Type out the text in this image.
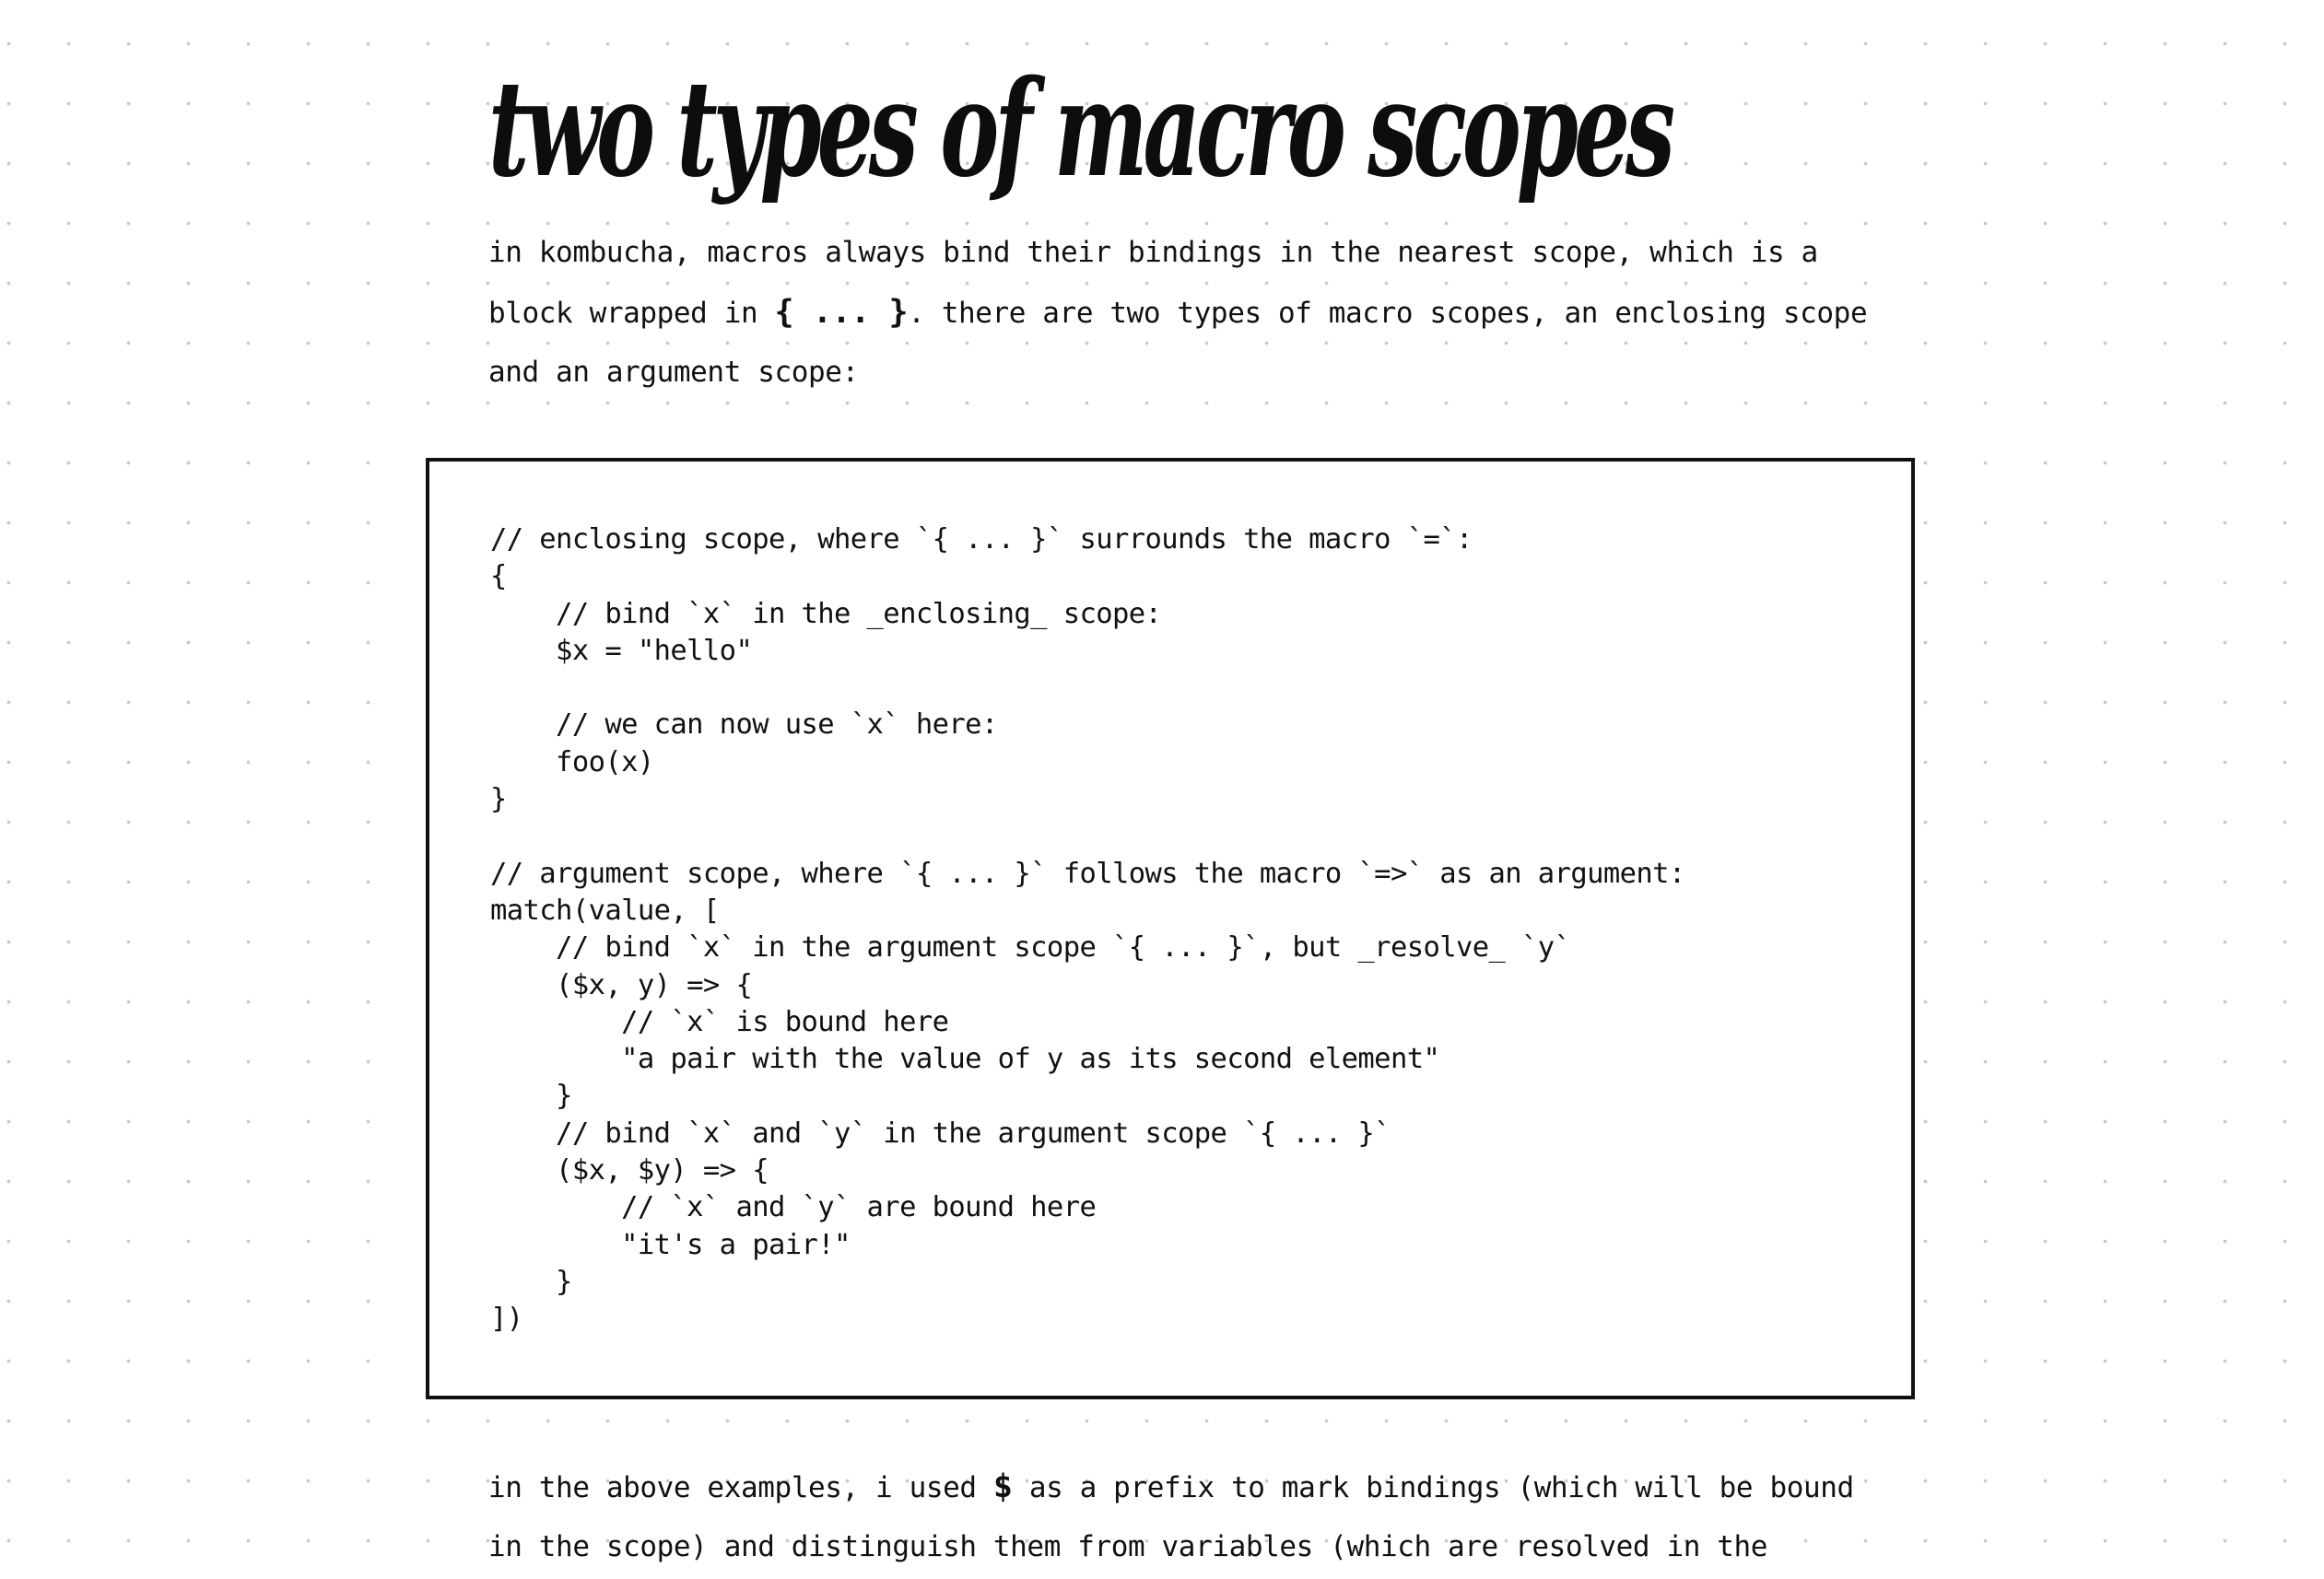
two types of macro scopes

in kombucha, macros always bind their bindings in the nearest scope, which is a
block wrapped in { ... }. there are two types of macro scopes, an enclosing scope
and an argument scope:

// enclosing scope, where `{ ... }` surrounds the macro `=`:
{
// bind `x` in the _enclosing_ scope:
$x = "hello"
// we can now use `x` here:
foo(x)
}
// argument scope, where `{ ... }` follows the macro `=>` as an argument:
match(value, [
// bind `x` in the argument scope `{ ... }`, but _resolve_ `y`
($x, y) => {
// `x` is bound here
"a pair with the value of y as its second element"
}
// bind `x` and `y` in the argument scope `{ ... }`
($x, $y) => {
// `x` and `y` are bound here
"it's a pair!"
}
])

in the above examples, i used $ as a prefix to mark bindings (which will be bound
in the scope) and distinguish them from variables (which are resolved in the
